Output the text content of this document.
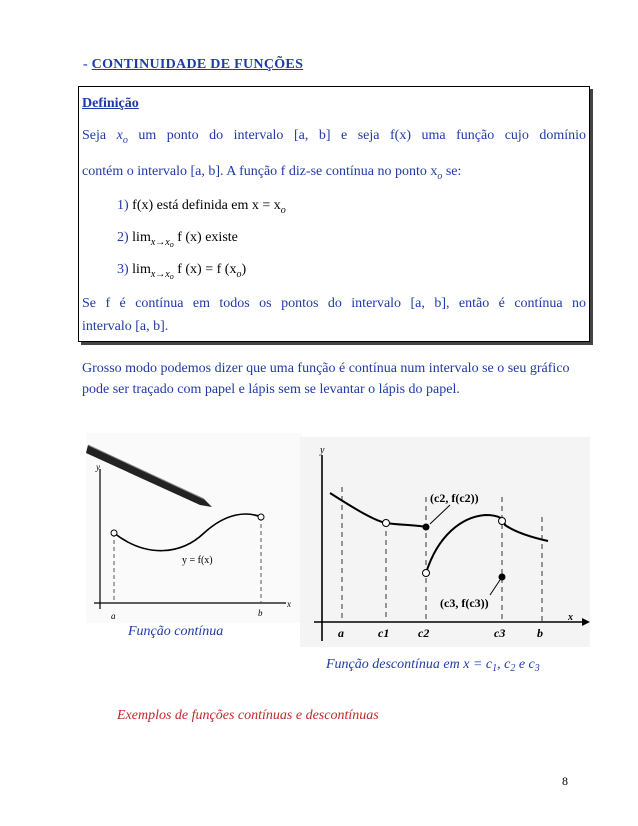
- CONTINUIDADE DE FUNÇÕES
Definição
Seja $x_o$ um ponto do intervalo [a, b] e seja f(x) uma função cujo domínio
contém o intervalo [a, b]. A função f diz-se contínua no ponto $x_o$ se:
1) f(x) está definida em $x = x_o$
2) $\lim_{x\to xo} f$ (x) existe
3) $\lim_{x\to xo} f$ (x) = f $(x_o)$
Se f é contínua em todos os pontos do intervalo [a, b], então é contínua no
intervalo [a, b].
Grosso modo podemos dizer que uma função é contínua num intervalo se o seu gráfico pode ser traçado com papel e lápis sem se levantar o lápis do papel.
y
x
a	b
y = f(x)
y
x
(c2, f(c2))
(c3, f(c3))
a	c1 c2	c3	b
Função contínua
Função descontínua em $x = c_1$, $c_2$ e $c_3$
Exemplos de funções contínuas e descontínuas
8
